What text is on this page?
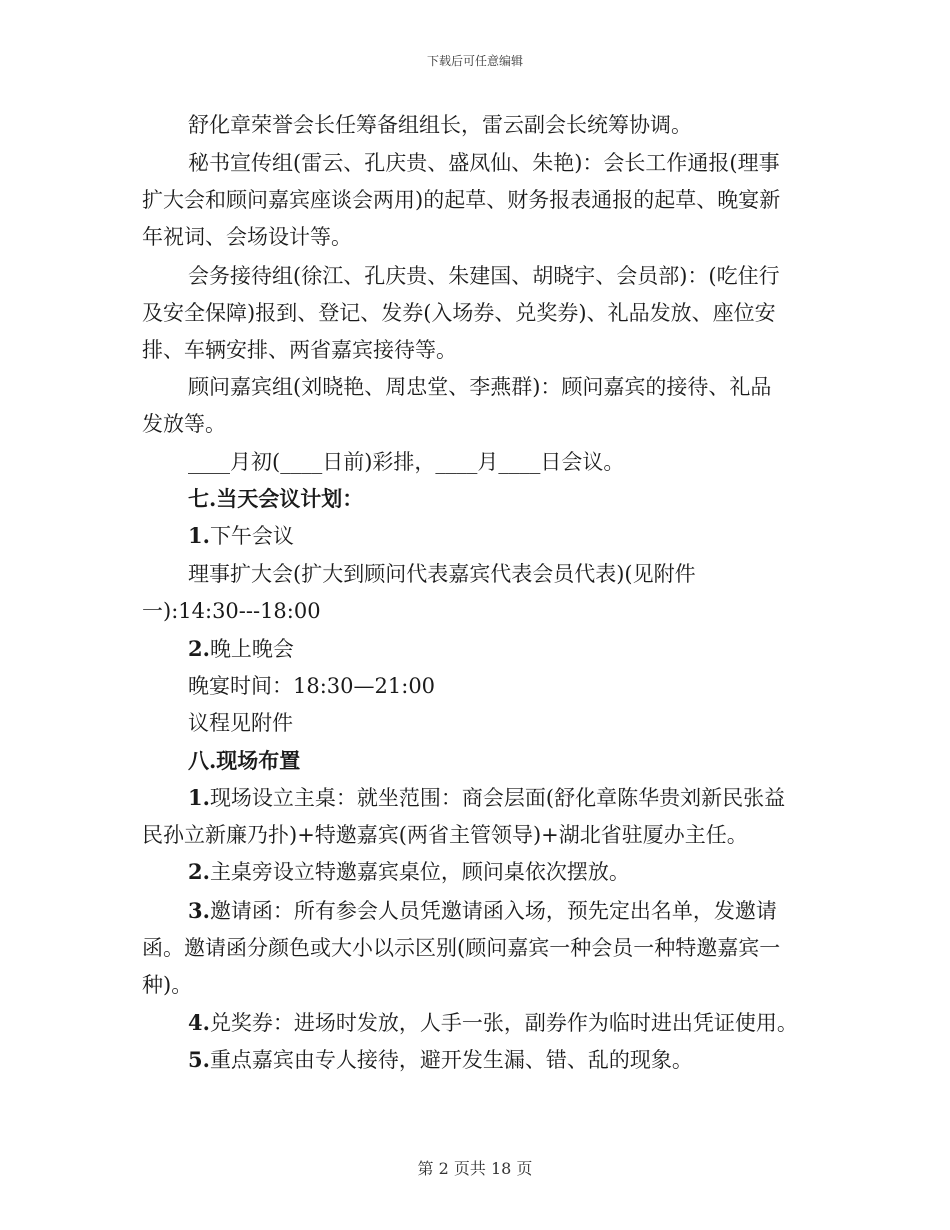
下载后可任意编辑
舒化章荣誉会长任筹备组组长，雷云副会长统筹协调。
秘书宣传组(雷云、孔庆贵、盛凤仙、朱艳)：会长工作通报(理事
扩大会和顾问嘉宾座谈会两用)的起草、财务报表通报的起草、晚宴新
年祝词、会场设计等。
会务接待组(徐江、孔庆贵、朱建国、胡晓宇、会员部)：(吃住行
及安全保障)报到、登记、发券(入场券、兑奖券)、礼品发放、座位安
排、车辆安排、两省嘉宾接待等。
顾问嘉宾组(刘晓艳、周忠堂、李燕群)：顾问嘉宾的接待、礼品
发放等。
____月初(____日前)彩排，____月____日会议。
七.当天会议计划：
1.下午会议
理事扩大会(扩大到顾问代表嘉宾代表会员代表)(见附件
一):14:30---18:00
2.晚上晚会
晚宴时间：18:30—21:00
议程见附件
八.现场布置
1.现场设立主桌：就坐范围：商会层面(舒化章陈华贵刘新民张益
民孙立新廉乃扑)+特邀嘉宾(两省主管领导)+湖北省驻厦办主任。
2.主桌旁设立特邀嘉宾桌位，顾问桌依次摆放。
3.邀请函：所有参会人员凭邀请函入场，预先定出名单，发邀请
函。邀请函分颜色或大小以示区别(顾问嘉宾一种会员一种特邀嘉宾一
种)。
4.兑奖券：进场时发放，人手一张，副券作为临时进出凭证使用。
5.重点嘉宾由专人接待，避开发生漏、错、乱的现象。
第 2 页共 18 页
